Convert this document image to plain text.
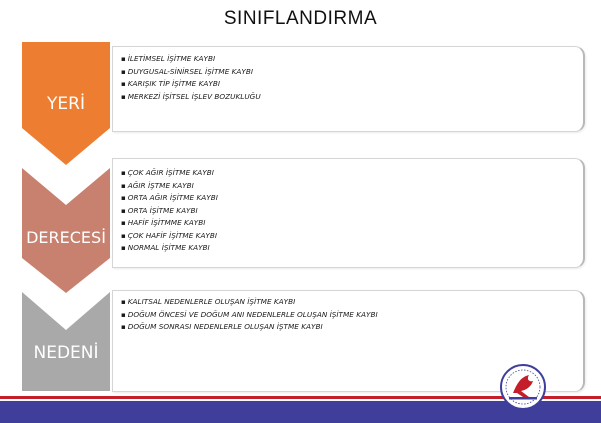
SINIFLANDIRMA
YERİ
DERECESİ
NEDENİ
▪ İLETİMSEL İŞİTME KAYBI
▪ DUYGUSAL-SİNİRSEL İŞİTME KAYBI
▪ KARIŞIK TİP İŞİTME KAYBI
▪ MERKEZİ İŞİTSEL İŞLEV BOZUKLUĞU
▪ ÇOK AĞIR İŞİTME KAYBI
▪ AĞIR İŞTME KAYBI
▪ ORTA AĞIR İŞİTME KAYBI
▪ ORTA İŞİTME KAYBI
▪ HAFİF İŞİTMME KAYBI
▪ ÇOK HAFİF İŞİTME KAYBI
▪ NORMAL İŞİTME KAYBI
▪ KALITSAL NEDENLERLE OLUŞAN İŞİTME KAYBI
▪ DOĞUM ÖNCESİ VE DOĞUM ANI NEDENLERLE OLUŞAN İŞİTME KAYBI
▪ DOĞUM SONRASI NEDENLERLE OLUŞAN İŞTME KAYBI
